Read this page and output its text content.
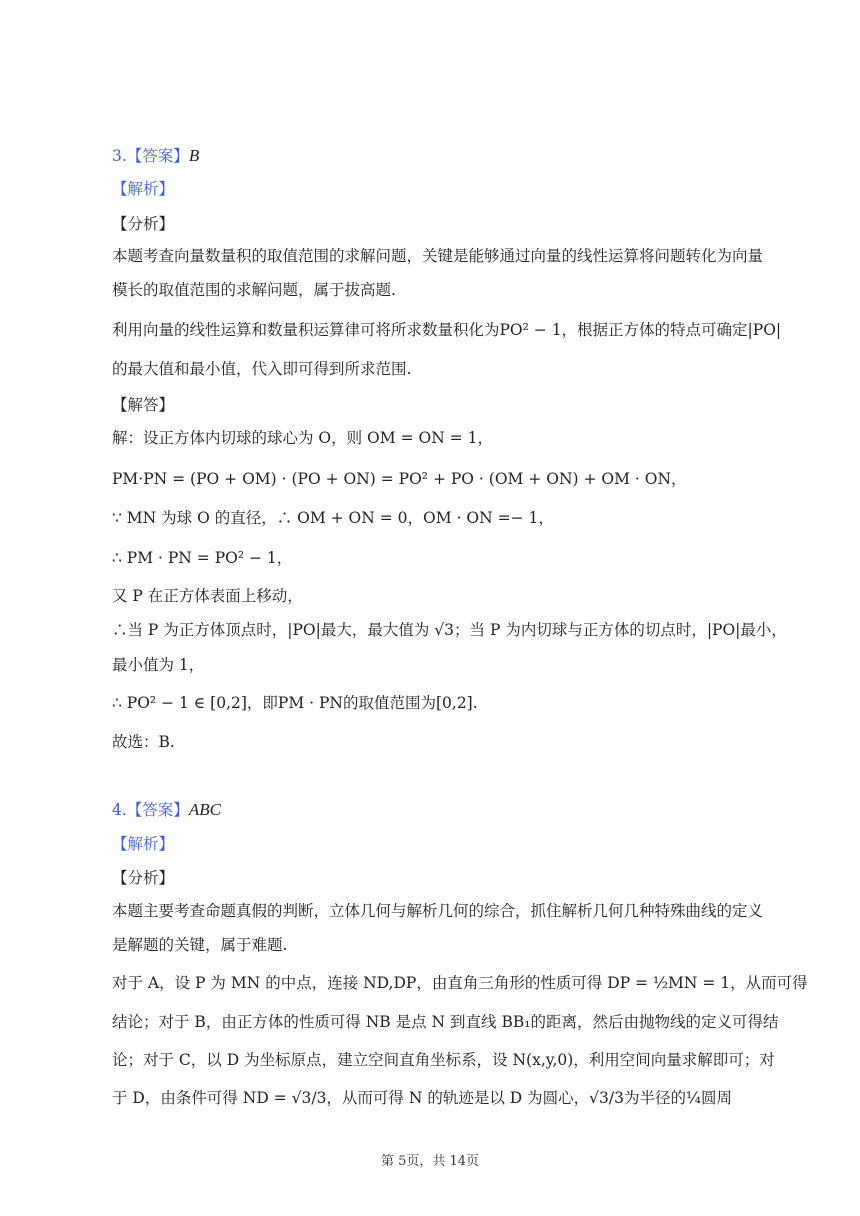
3.【答案】B
【解析】
【分析】
本题考查向量数量积的取值范围的求解问题，关键是能够通过向量的线性运算将问题转化为向量
模长的取值范围的求解问题，属于拔高题.
利用向量的线性运算和数量积运算律可将所求数量积化为PO² − 1，根据正方体的特点可确定|PO|
的最大值和最小值，代入即可得到所求范围.
【解答】
解：设正方体内切球的球心为 O，则 OM = ON = 1，
PM·PN = (PO + OM) · (PO + ON) = PO² + PO · (OM + ON) + OM · ON，
∵ MN 为球 O 的直径，∴ OM + ON = 0，OM · ON =− 1，
∴ PM · PN = PO² − 1，
又 P 在正方体表面上移动，
∴当 P 为正方体顶点时，|PO|最大，最大值为 √3；当 P 为内切球与正方体的切点时，|PO|最小，
最小值为 1，
∴ PO² − 1 ∈ [0,2]，即PM · PN的取值范围为[0,2].
故选：B.
4.【答案】ABC
【解析】
【分析】
本题主要考查命题真假的判断，立体几何与解析几何的综合，抓住解析几何几种特殊曲线的定义
是解题的关键，属于难题.
对于 A，设 P 为 MN 的中点，连接 ND,DP，由直角三角形的性质可得 DP = ½MN = 1，从而可得
结论；对于 B，由正方体的性质可得 NB 是点 N 到直线 BB₁的距离，然后由抛物线的定义可得结
论；对于 C，以 D 为坐标原点，建立空间直角坐标系，设 N(x,y,0)，利用空间向量求解即可；对
于 D，由条件可得 ND = √3/3，从而可得 N 的轨迹是以 D 为圆心，√3/3为半径的¼圆周
第 5页，共 14页
